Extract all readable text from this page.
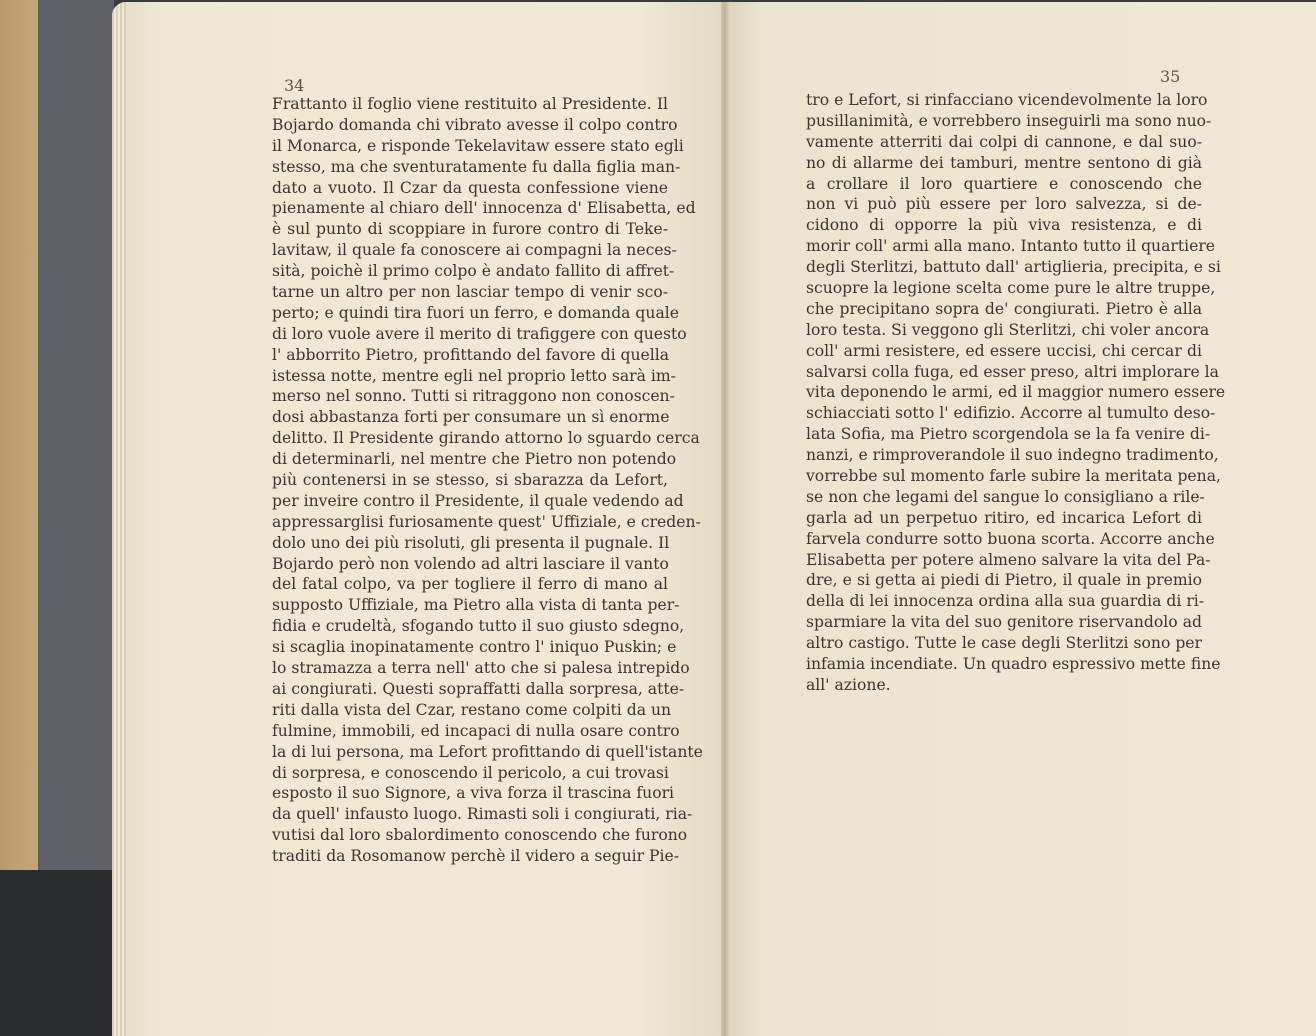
34	35
Frattanto il foglio viene restituito al Presidente. Il
Bojardo domanda chi vibrato avesse il colpo contro
il Monarca, e risponde Tekelavitaw essere stato egli
stesso, ma che sventuratamente fu dalla figlia man-
dato a vuoto. Il Czar da questa confessione viene
pienamente al chiaro dell' innocenza d' Elisabetta, ed
è sul punto di scoppiare in furore contro di Teke-
lavitaw, il quale fa conoscere ai compagni la neces-
sità, poichè il primo colpo è andato fallito di affret-
tarne un altro per non lasciar tempo di venir sco-
perto; e quindi tira fuori un ferro, e domanda quale
di loro vuole avere il merito di trafiggere con questo
l' abborrito Pietro, profittando del favore di quella
istessa notte, mentre egli nel proprio letto sarà im-
merso nel sonno. Tutti si ritraggono non conoscen-
dosi abbastanza forti per consumare un sì enorme
delitto. Il Presidente girando attorno lo sguardo cerca
di determinarli, nel mentre che Pietro non potendo
più contenersi in se stesso, si sbarazza da Lefort,
per inveire contro il Presidente, il quale vedendo ad
appressarglisi furiosamente quest' Uffiziale, e creden-
dolo uno dei più risoluti, gli presenta il pugnale. Il
Bojardo però non volendo ad altri lasciare il vanto
del fatal colpo, va per togliere il ferro di mano al
supposto Uffiziale, ma Pietro alla vista di tanta per-
fidia e crudeltà, sfogando tutto il suo giusto sdegno,
si scaglia inopinatamente contro l' iniquo Puskin; e
lo stramazza a terra nell' atto che si palesa intrepido
ai congiurati. Questi sopraffatti dalla sorpresa, atte-
riti dalla vista del Czar, restano come colpiti da un
fulmine, immobili, ed incapaci di nulla osare contro
la di lui persona, ma Lefort profittando di quell'istante
di sorpresa, e conoscendo il pericolo, a cui trovasi
esposto il suo Signore, a viva forza il trascina fuori
da quell' infausto luogo. Rimasti soli i congiurati, ria-
vutisi dal loro sbalordimento conoscendo che furono
traditi da Rosomanow perchè il videro a seguir Pie-
tro e Lefort, si rinfacciano vicendevolmente la loro
pusillanimità, e vorrebbero inseguirli ma sono nuo-
vamente atterriti dai colpi di cannone, e dal suo-
no di allarme dei tamburi, mentre sentono di già
a crollare il loro quartiere e conoscendo che
non vi può più essere per loro salvezza, si de-
cidono di opporre la più viva resistenza, e di
morir coll' armi alla mano. Intanto tutto il quartiere
degli Sterlitzi, battuto dall' artiglieria, precipita, e si
scuopre la legione scelta come pure le altre truppe,
che precipitano sopra de' congiurati. Pietro è alla
loro testa. Si veggono gli Sterlitzi, chi voler ancora
coll' armi resistere, ed essere uccisi, chi cercar di
salvarsi colla fuga, ed esser preso, altri implorare la
vita deponendo le armi, ed il maggior numero essere
schiacciati sotto l' edifizio. Accorre al tumulto deso-
lata Sofia, ma Pietro scorgendola se la fa venire di-
nanzi, e rimproverandole il suo indegno tradimento,
vorrebbe sul momento farle subire la meritata pena,
se non che legami del sangue lo consigliano a rile-
garla ad un perpetuo ritiro, ed incarica Lefort di
farvela condurre sotto buona scorta. Accorre anche
Elisabetta per potere almeno salvare la vita del Pa-
dre, e si getta ai piedi di Pietro, il quale in premio
della di lei innocenza ordina alla sua guardia di ri-
sparmiare la vita del suo genitore riservandolo ad
altro castigo. Tutte le case degli Sterlitzi sono per
infamia incendiate. Un quadro espressivo mette fine
all' azione.
